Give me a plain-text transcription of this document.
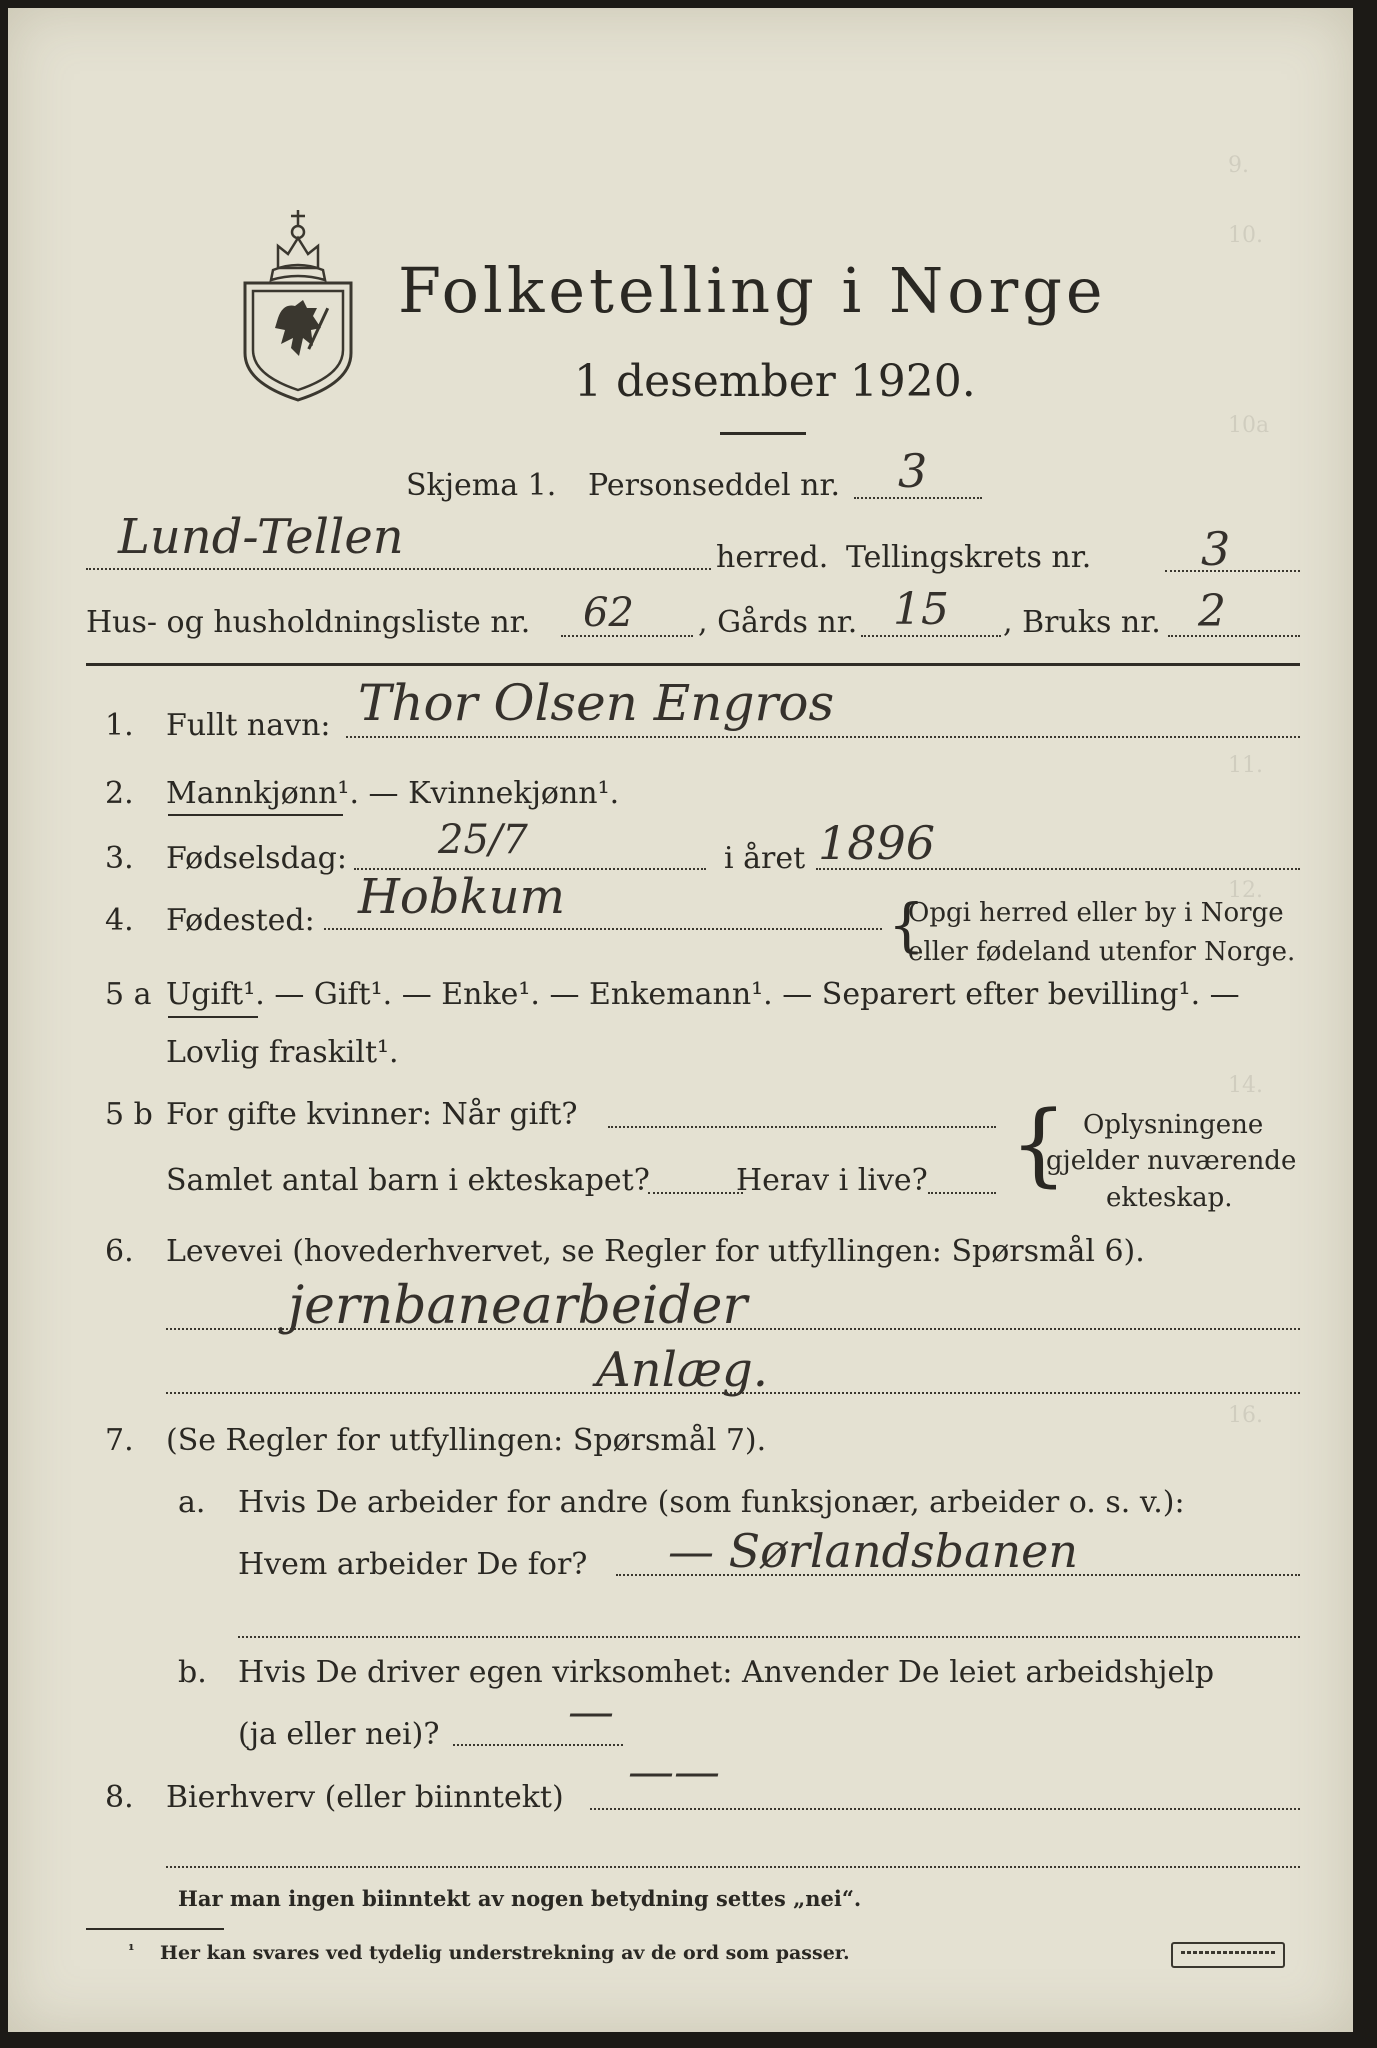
9.
10.
10a
11.
12.
14.
16.
Folketelling i Norge
1 desember 1920.
Skjema 1. Personseddel nr. 3
Lund-Tellen	herred. Tellingskrets nr. 3
Hus- og husholdningsliste nr. 62 , Gårds nr. 15 , Bruks nr. 2
1. Fullt navn: Thor Olsen Engros
2. Mannkjønn¹. — Kvinnekjønn¹.
3. Fødselsdag: 25/7	i året 1896
4. Fødested: Hobkum	{
Opgi herred eller by i Norge
eller fødeland utenfor Norge.
5 a Ugift¹. — Gift¹. — Enke¹. — Enkemann¹. — Separert efter bevilling¹. —
Lovlig fraskilt¹.
5 b For gifte kvinner: Når gift?
Samlet antal barn i ekteskapet?	Herav i live? { Oplysningene
gjelder nuværende
ekteskap.
6. Levevei (hovederhvervet, se Regler for utfyllingen: Spørsmål 6).
jernbanearbeider
Anlæg.
7. (Se Regler for utfyllingen: Spørsmål 7).
a. Hvis De arbeider for andre (som funksjonær, arbeider o. s. v.):
Hvem arbeider De for? — Sørlandsbanen
b. Hvis De driver egen virksomhet: Anvender De leiet arbeidshjelp
(ja eller nei)?	—
8. Bierhverv (eller biinntekt) ——
Har man ingen biinntekt av nogen betydning settes „nei“.
¹ Her kan svares ved tydelig understrekning av de ord som passer.
